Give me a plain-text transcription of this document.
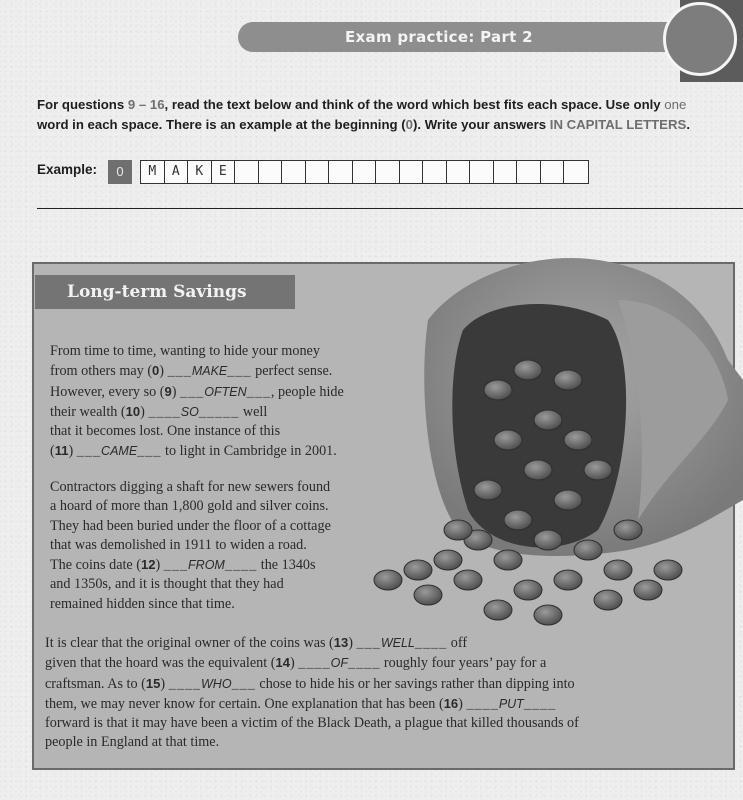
Exam practice: Part 2
For questions 9 – 16, read the text below and think of the word which best fits each space. Use only one
word in each space. There is an example at the beginning (0). Write your answers IN CAPITAL LETTERS.
Example:	0	M	A	K	E
Long-term Savings
From time to time, wanting to hide your money
from others may (0) ___MAKE___ perfect sense.
However, every so (9) ___OFTEN___, people hide
their wealth (10) ____SO_____ well
that it becomes lost. One instance of this
(11) ___CAME___ to light in Cambridge in 2001.
Contractors digging a shaft for new sewers found
a hoard of more than 1,800 gold and silver coins.
They had been buried under the floor of a cottage
that was demolished in 1911 to widen a road.
The coins date (12) ___FROM____ the 1340s
and 1350s, and it is thought that they had
remained hidden since that time.
It is clear that the original owner of the coins was (13) ___WELL____ off
given that the hoard was the equivalent (14) ____OF____ roughly four years’ pay for a
craftsman. As to (15) ____WHO___ chose to hide his or her savings rather than dipping into
them, we may never know for certain. One explanation that has been (16) ____PUT____
forward is that it may have been a victim of the Black Death, a plague that killed thousands of
people in England at that time.
